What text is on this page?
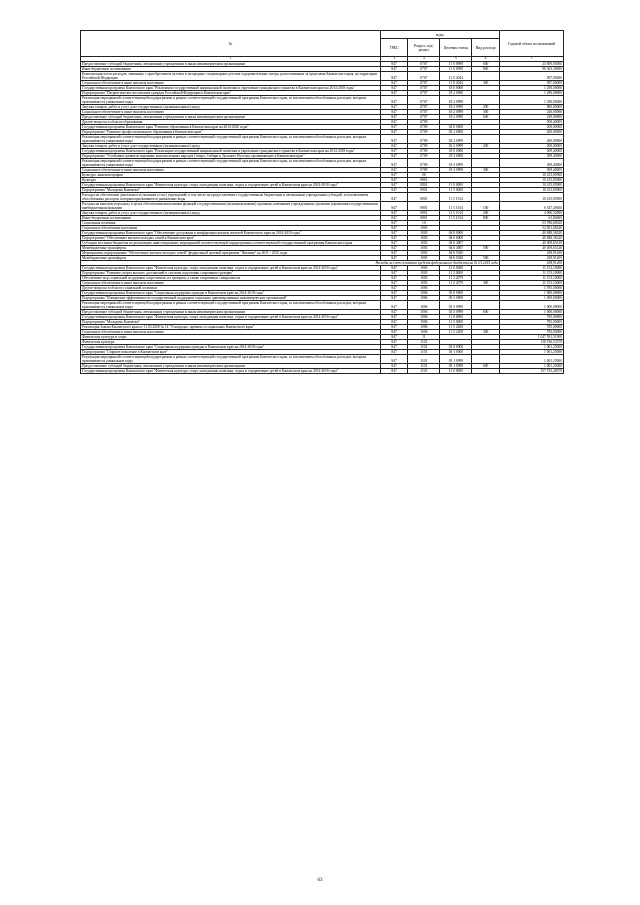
№	коды				Годовой объем ассигнований
	ГРБС	Раздел, под-раздел	Целевая статья	Вид расхода	
1	3	4	5	6	7
Предоставление субсидий бюджетным, автономным учреждениям и иным некоммерческим организациям	847	0707	11 0 0999	600	23 690,05000
Иные бюджетные ассигнования	847	0707	11 0 0999	800	96 363,30000
Компенсация части расходов, связанных с приобретением путевок в загородные стационарные детские оздоровительные лагеря, расположенные за пределами Камчатского края, на территории Российской Федерации	847	0707	11 0 2044		587,00000
Социальное обеспечение и иные выплаты населению	847	0707	11 0 2044	300	587,00000
Государственная программа Камчатского края "Реализация государственной национальной политики и укрепление гражданского единства в Камчатском крае на 2014-2018 годы"	847	0707	18 0 0000		1 290,00000
Подпрограмма "Патриотическое воспитание граждан Российской Федерации в Камчатском крае"	847	0707	18 2 0000		1 290,00000
Реализация мероприятий соответствующей подпрограммы в рамках соответствующей государственной программы Камчатского края, за исключением обособленных расходов, которым присваиваются уникальные коды	847	0707	18 2 0999		1 290,00000
Закупка товаров, работ и услуг для государственных (муниципальных) нужд	847	0707	18 2 0999	200	800,00000
Социальное обеспечение и иные выплаты населению	847	0707	18 2 0999	300	240,00000
Предоставление субсидий бюджетным, автономным учреждениям и иным некоммерческим организациям	847	0707	18 2 0999	600	250,00000
Другие вопросы в области образования	847	0709			509,40000
Государственная программа Камчатского края "Развитие образования в Камчатском крае на 2014-2020 годы"	847	0709	02 0 0000		200,00000
Подпрограмма "Развитие профессионального образования в Камчатском крае"	847	0709	02 2 0000		200,00000
Реализация мероприятий соответствующей подпрограммы в рамках соответствующей государственной программы Камчатского края, за исключением обособленных расходов, которым присваиваются уникальные коды	847	0709	02 2 0999		200,00000
Закупка товаров, работ и услуг для государственных (муниципальных) нужд	847	0709	02 2 0999	200	200,00000
Государственная программа Камчатского края "Реализация государственной национальной политики и укрепление гражданского единства в Камчатском крае на 2014-2018 годы"	847	0709	18 0 0000		309,40000
Подпрограмма "Устойчивое развитие коренных малочисленных народов Севера, Сибири и Дальнего Востока, проживающих в Камчатском крае"	847	0709	18 3 0000		309,40000
Реализация мероприятий соответствующей подпрограммы в рамках соответствующей государственной программы Камчатского края, за исключением обособленных расходов, которым присваиваются уникальные коды	847	0709	18 3 0999		309,40000
Социальное обеспечение и иные выплаты населению	847	0709	18 3 0999	300	309,40000
Культура, кинематография	847	08			10 415,85900
Культура	847	0801			10 415,85900
Государственная программа Камчатского края "Физическая культура, спорт, молодежная политика, отдых и оздоровление детей в Камчатском крае на 2014-2018 годы"	847	0801	11 0 0000		10 415,85900
Подпрограмма "Молодежь Камчатки"	847	0801	11 5 0000		10 415,85900
Расходы на обеспечение деятельности (оказание услуг) учреждений, в том числе на предоставление государственным бюджетным и автономным учреждениям субсидий, за исключением обособленных расходов, которым присваиваются уникальные коды	847	0801	11 5 1014		10 415,85900
Расходы на выплаты персоналу в целях обеспечения выполнения функций государственными (муниципальными) органами, казенными учреждениями, органами управления государственными внебюджетными фондами	847	0801	11 5 1014	100	6 347,49300
Закупка товаров, работ и услуг для государственных (муниципальных) нужд	847	0801	11 5 1014	200	4 006,52000
Иные бюджетные ассигнования	847	0801	11 5 1014	800	61,84600
Социальная политика	847	10			53 786,68320
Социальное обеспечение населения	847	1003			52 001,06320
Государственная программа Камчатского края "Обеспечение доступным и комфортным жильем жителей Камчатского края на 2014-2018 годы"	847	1003	04 0 0000		40 848,36320
Подпрограмма "Обеспечение жильем молодых семей в Камчатском крае"	847	1003	04 6 0000		40 848,36320
Субсидии местным бюджетам на реализацию инвестиционных мероприятий соответствующей подпрограммы соответствующей государственной программы Камчатского края	847	1003	04 6 4007		40 409,65120
Межбюджетные трансферты	847	1003	04 6 4007	500	40 409,65120
Мероприятия подпрограммы "Обеспечение жильем молодых семей" федеральной целевой программы "Жилище" на 2011 - 2015 годы	847	1003	04 6 5020		438,91200
Межбюджетные трансферты	847	1003	04 6 5020	500	438,91200
Расходы за счет остатков средств федерального бюджета на 01.01.2015 года					438,91200
Государственная программа Камчатского края "Физическая культура, спорт, молодежная политика, отдых и оздоровление детей в Камчатском крае на 2014-2018 годы"	847	1003	11 0 0000		11 153,10000
Подпрограмма "Развитие спорта высших достижений и системы подготовки спортивного резерва"	847	1003	11 2 0000		11 153,10000
Обеспечение мер социальной поддержки спортсменов, их тренеров, а также спортивных специалистов	847	1003	11 2 2079		11 153,10000
Социальное обеспечение и иные выплаты населению	847	1003	11 2 2079	300	11 153,10000
Другие вопросы в области социальной политики	847	1006			1 785,00000
Государственная программа Камчатского края "Социальная поддержка граждан в Камчатском крае на 2014-2018 годы"	847	1006	03 0 0000		1 000,00000
Подпрограмма "Повышение эффективности государственной поддержки социально ориентированных некоммерческих организаций"	847	1006	03 5 0000		1 000,00000
Реализация мероприятий соответствующей подпрограммы в рамках соответствующей государственной программы Камчатского края, за исключением обособленных расходов, которым присваиваются уникальные коды	847	1006	03 5 0999		1 000,00000
Предоставление субсидий бюджетным, автономным учреждениям и иным некоммерческим организациям	847	1006	03 5 0999	600	1 000,00000
Государственная программа Камчатского края "Физическая культура, спорт, молодежная политика, отдых и оздоровление детей в Камчатском крае на 2014-2018 годы"	847	1006	11 0 0000		785,00000
Подпрограмма "Молодежь Камчатки"	847	1006	11 5 0000		785,00000
Реализация Закона Камчатского края от 11.03.2008 № 14 "О наградах, премиях и социальных Камчатского края"	847	1006	11 5 2208		785,00000
Социальное обеспечение и иные выплаты населению	847	1006	11 5 2208	300	785,00000
Физическая культура и спорт	847	11			1 047 591,51900
Физическая культура	847	1101			158 196,53379
Государственная программа Камчатского края "Социальная поддержка граждан в Камчатском крае на 2014-2018 годы"	847	1101	03 0 0000		1 001,25000
Подпрограмма "Старшее поколение в Камчатском крае"	847	1101	03 1 0000		1 001,25000
Реализация мероприятий соответствующей подпрограммы в рамках соответствующей государственной программы Камчатского края, за исключением обособленных расходов, которым присваиваются уникальные коды	847	1101	03 1 0999		1 001,25000
Предоставление субсидий бюджетным, автономным учреждениям и иным некоммерческим организациям	847	1101	03 1 0999	600	1 001,25000
Государственная программа Камчатского края "Физическая культура, спорт, молодежная политика, отдых и оздоровление детей в Камчатском крае на 2014-2018 годы"	847	1101	11 0 0000		157 195,28379
63
